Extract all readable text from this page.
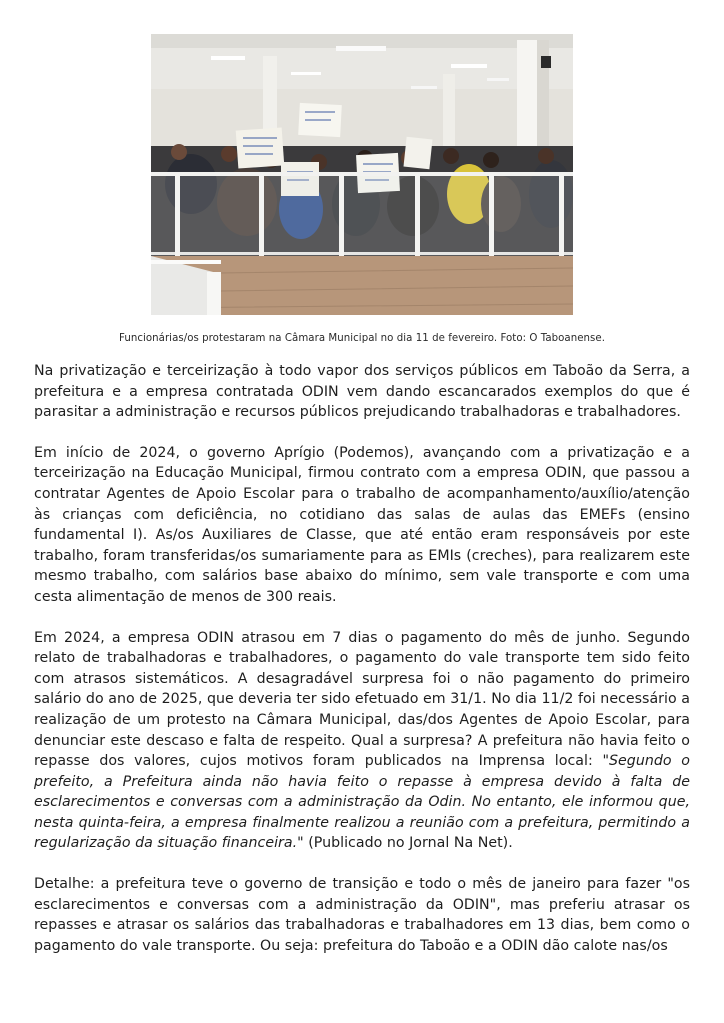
Funcionárias/os protestaram na Câmara Municipal no dia 11 de fevereiro. Foto: O Taboanense.

Na privatização e terceirização à todo vapor dos serviços públicos em Taboão da Serra, a prefeitura e a empresa contratada ODIN vem dando escancarados exemplos do que é parasitar a administração e recursos públicos prejudicando trabalhadoras e trabalhadores.

Em início de 2024, o governo Aprígio (Podemos), avançando com a privatização e a terceirização na Educação Municipal, firmou contrato com a empresa ODIN, que passou a contratar Agentes de Apoio Escolar para o trabalho de acompanhamento/auxílio/atenção às crianças com deficiência, no cotidiano das salas de aulas das EMEFs (ensino fundamental I). As/os Auxiliares de Classe, que até então eram responsáveis por este trabalho, foram transferidas/os sumariamente para as EMIs (creches), para realizarem este mesmo trabalho, com salários base abaixo do mínimo, sem vale transporte e com uma cesta alimentação de menos de 300 reais.

Em 2024, a empresa ODIN atrasou em 7 dias o pagamento do mês de junho. Segundo relato de trabalhadoras e trabalhadores, o pagamento do vale transporte tem sido feito com atrasos sistemáticos. A desagradável surpresa foi o não pagamento do primeiro salário do ano de 2025, que deveria ter sido efetuado em 31/1. No dia 11/2 foi necessário a realização de um protesto na Câmara Municipal, das/dos Agentes de Apoio Escolar, para denunciar este descaso e falta de respeito. Qual a surpresa? A prefeitura não havia feito o repasse dos valores, cujos motivos foram publicados na Imprensa local: "Segundo o prefeito, a Prefeitura ainda não havia feito o repasse à empresa devido à falta de esclarecimentos e conversas com a administração da Odin. No entanto, ele informou que, nesta quinta-feira, a empresa finalmente realizou a reunião com a prefeitura, permitindo a regularização da situação financeira." (Publicado no Jornal Na Net).

Detalhe: a prefeitura teve o governo de transição e todo o mês de janeiro para fazer "os esclarecimentos e conversas com a administração da ODIN", mas preferiu atrasar os repasses e atrasar os salários das trabalhadoras e trabalhadores em 13 dias, bem como o pagamento do vale transporte. Ou seja: prefeitura do Taboão e a ODIN dão calote nas/os
